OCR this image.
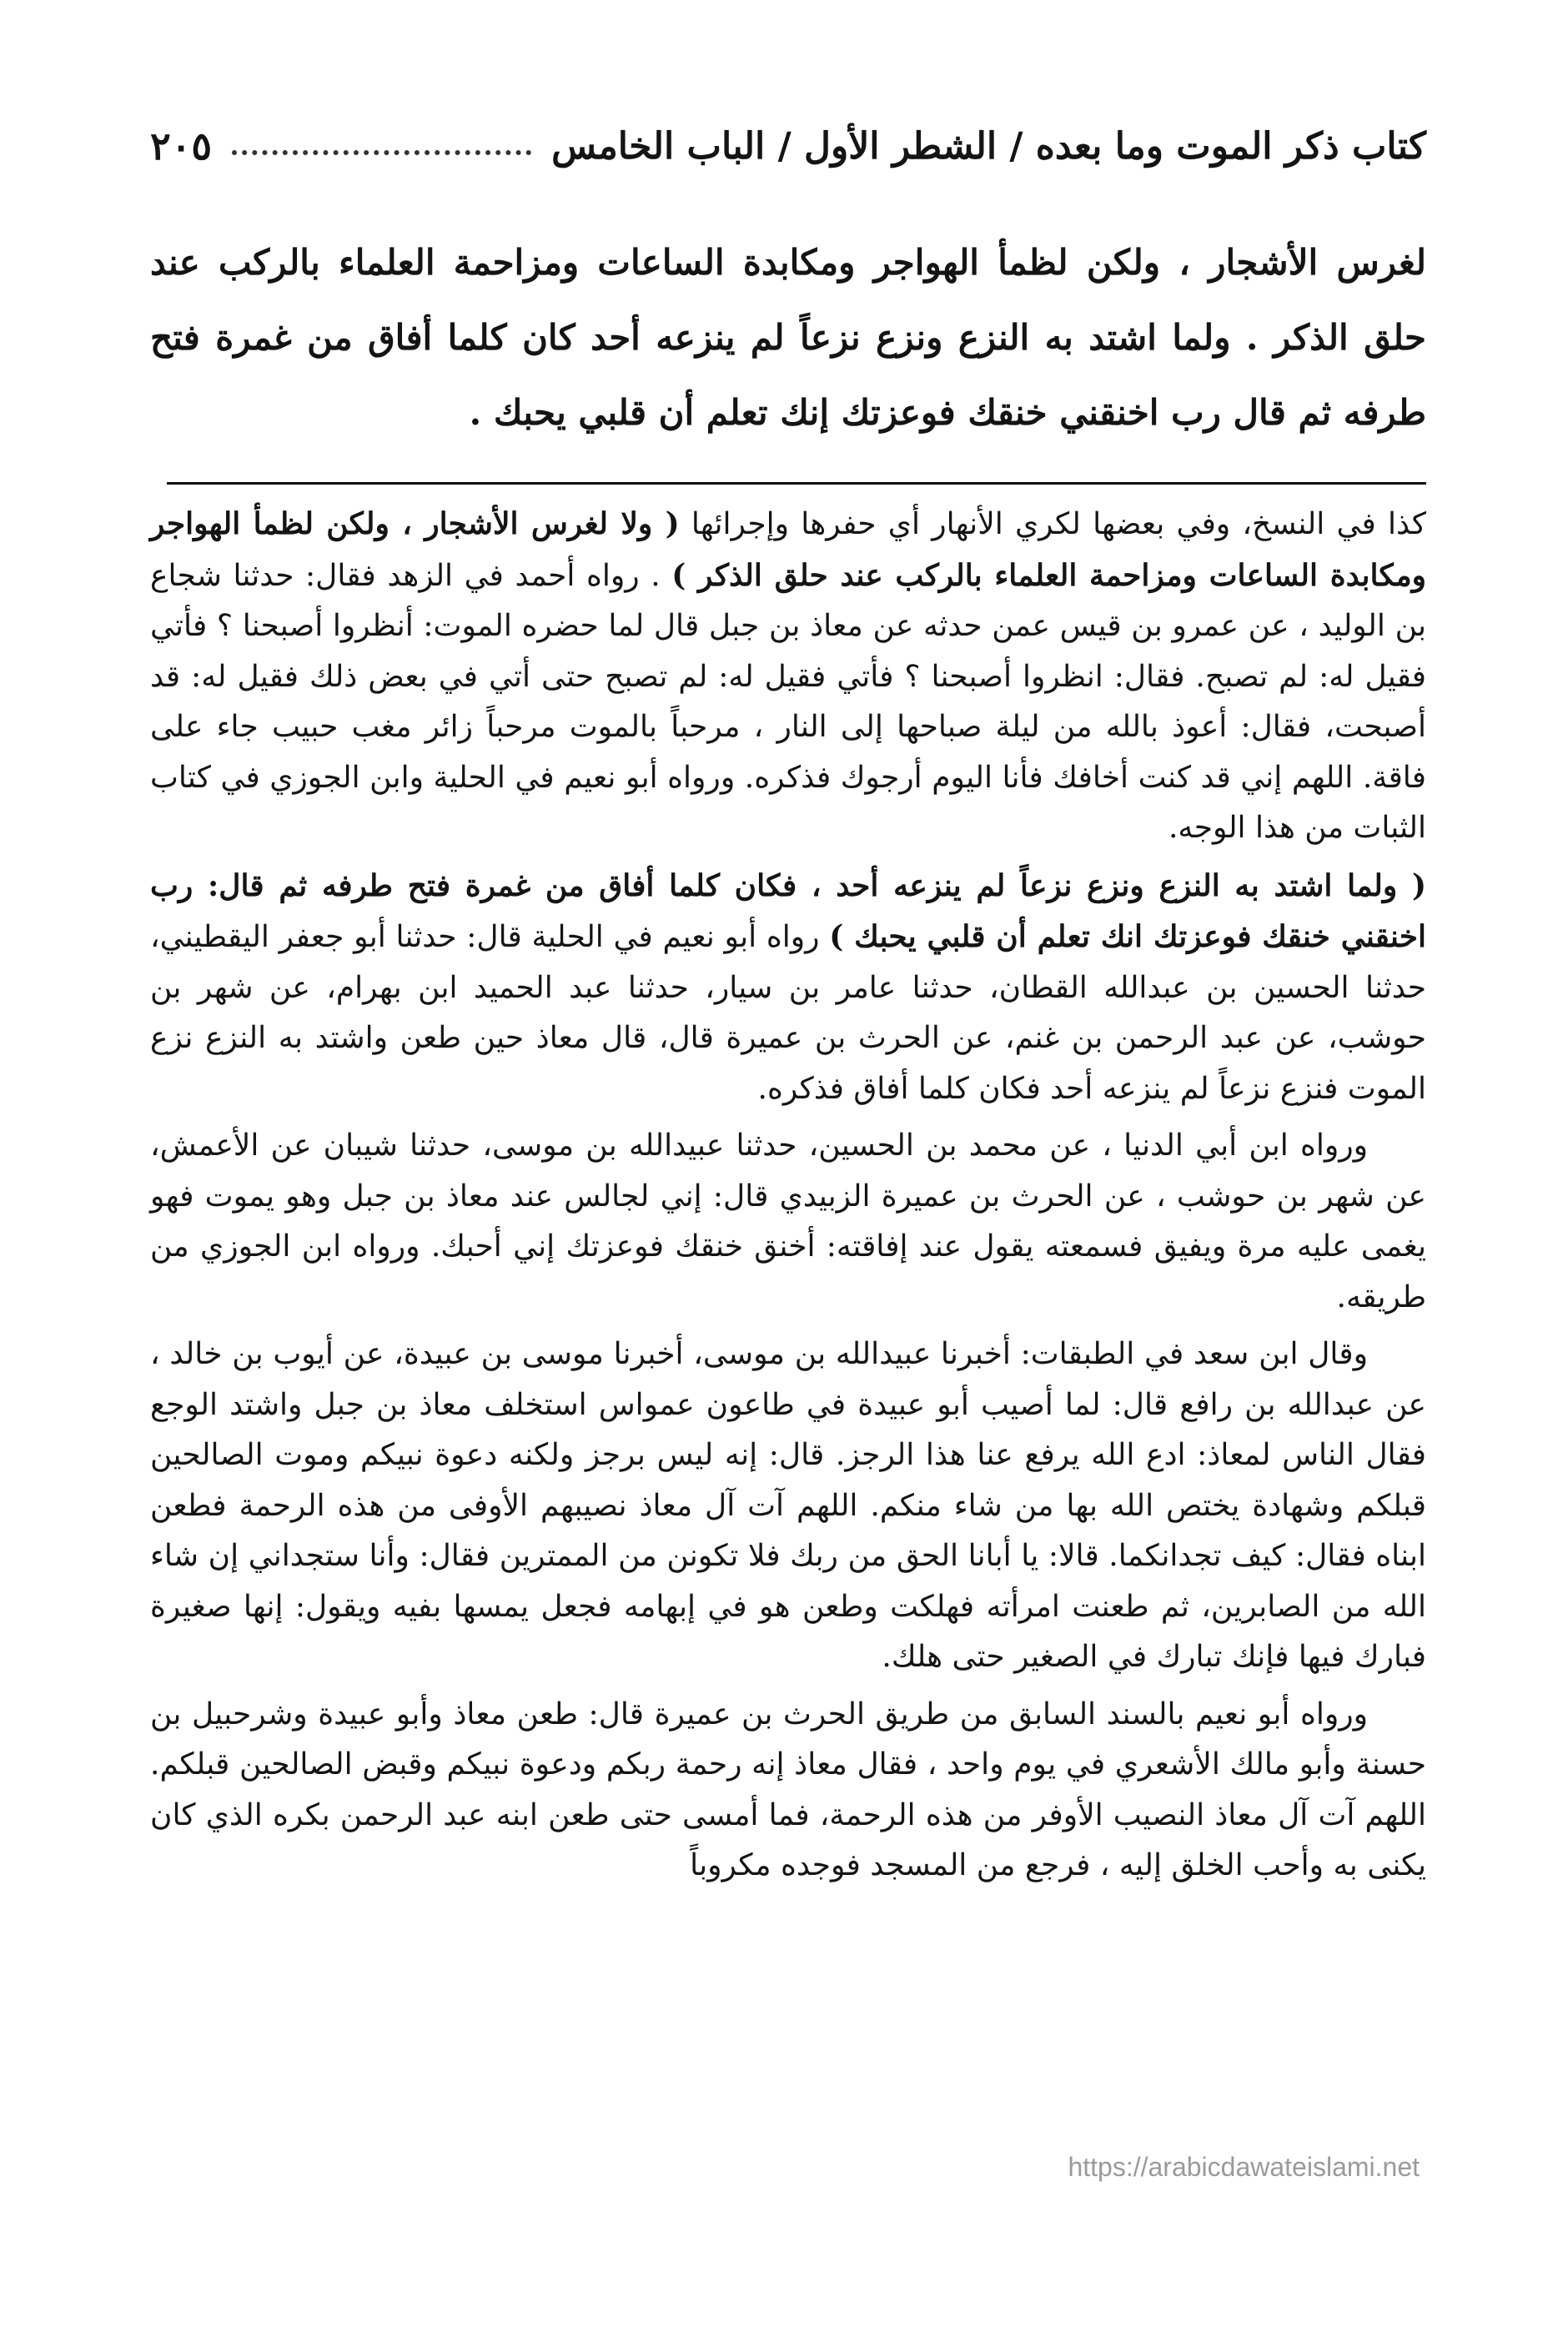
كتاب ذكر الموت وما بعده / الشطر الأول / الباب الخامس
٢٠٥
لغرس الأشجار ، ولكن لظمأ الهواجر ومكابدة الساعات ومزاحمة العلماء بالركب عند حلق الذكر . ولما اشتد به النزع ونزع نزعاً لم ينزعه أحد كان كلما أفاق من غمرة فتح طرفه ثم قال رب اخنقني خنقك فوعزتك إنك تعلم أن قلبي يحبك .

كذا في النسخ، وفي بعضها لكري الأنهار أي حفرها وإجرائها ( ولا لغرس الأشجار ، ولكن لظمأ الهواجر ومكابدة الساعات ومزاحمة العلماء بالركب عند حلق الذكر ) . رواه أحمد في الزهد فقال: حدثنا شجاع بن الوليد ، عن عمرو بن قيس عمن حدثه عن معاذ بن جبل قال لما حضره الموت: أنظروا أصبحنا ؟ فأتي فقيل له: لم تصبح. فقال: انظروا أصبحنا ؟ فأتي فقيل له: لم تصبح حتى أتي في بعض ذلك فقيل له: قد أصبحت، فقال: أعوذ بالله من ليلة صباحها إلى النار ، مرحباً بالموت مرحباً زائر مغب حبيب جاء على فاقة. اللهم إني قد كنت أخافك فأنا اليوم أرجوك فذكره. ورواه أبو نعيم في الحلية وابن الجوزي في كتاب الثبات من هذا الوجه.

( ولما اشتد به النزع ونزع نزعاً لم ينزعه أحد ، فكان كلما أفاق من غمرة فتح طرفه ثم قال: رب اخنقني خنقك فوعزتك انك تعلم أن قلبي يحبك ) رواه أبو نعيم في الحلية قال: حدثنا أبو جعفر اليقطيني، حدثنا الحسين بن عبدالله القطان، حدثنا عامر بن سيار، حدثنا عبد الحميد ابن بهرام، عن شهر بن حوشب، عن عبد الرحمن بن غنم، عن الحرث بن عميرة قال، قال معاذ حين طعن واشتد به النزع نزع الموت فنزع نزعاً لم ينزعه أحد فكان كلما أفاق فذكره.

ورواه ابن أبي الدنيا ، عن محمد بن الحسين، حدثنا عبيدالله بن موسى، حدثنا شيبان عن الأعمش، عن شهر بن حوشب ، عن الحرث بن عميرة الزبيدي قال: إني لجالس عند معاذ بن جبل وهو يموت فهو يغمى عليه مرة ويفيق فسمعته يقول عند إفاقته: أخنق خنقك فوعزتك إني أحبك. ورواه ابن الجوزي من طريقه.

وقال ابن سعد في الطبقات: أخبرنا عبيدالله بن موسى، أخبرنا موسى بن عبيدة، عن أيوب بن خالد ، عن عبدالله بن رافع قال: لما أصيب أبو عبيدة في طاعون عمواس استخلف معاذ بن جبل واشتد الوجع فقال الناس لمعاذ: ادع الله يرفع عنا هذا الرجز. قال: إنه ليس برجز ولكنه دعوة نبيكم وموت الصالحين قبلكم وشهادة يختص الله بها من شاء منكم. اللهم آت آل معاذ نصيبهم الأوفى من هذه الرحمة فطعن ابناه فقال: كيف تجدانكما. قالا: يا أبانا الحق من ربك فلا تكونن من الممترين فقال: وأنا ستجداني إن شاء الله من الصابرين، ثم طعنت امرأته فهلكت وطعن هو في إبهامه فجعل يمسها بفيه ويقول: إنها صغيرة فبارك فيها فإنك تبارك في الصغير حتى هلك.

ورواه أبو نعيم بالسند السابق من طريق الحرث بن عميرة قال: طعن معاذ وأبو عبيدة وشرحبيل بن حسنة وأبو مالك الأشعري في يوم واحد ، فقال معاذ إنه رحمة ربكم ودعوة نبيكم وقبض الصالحين قبلكم. اللهم آت آل معاذ النصيب الأوفر من هذه الرحمة، فما أمسى حتى طعن ابنه عبد الرحمن بكره الذي كان يكنى به وأحب الخلق إليه ، فرجع من المسجد فوجده مكروباً

https://arabicdawateislami.net
